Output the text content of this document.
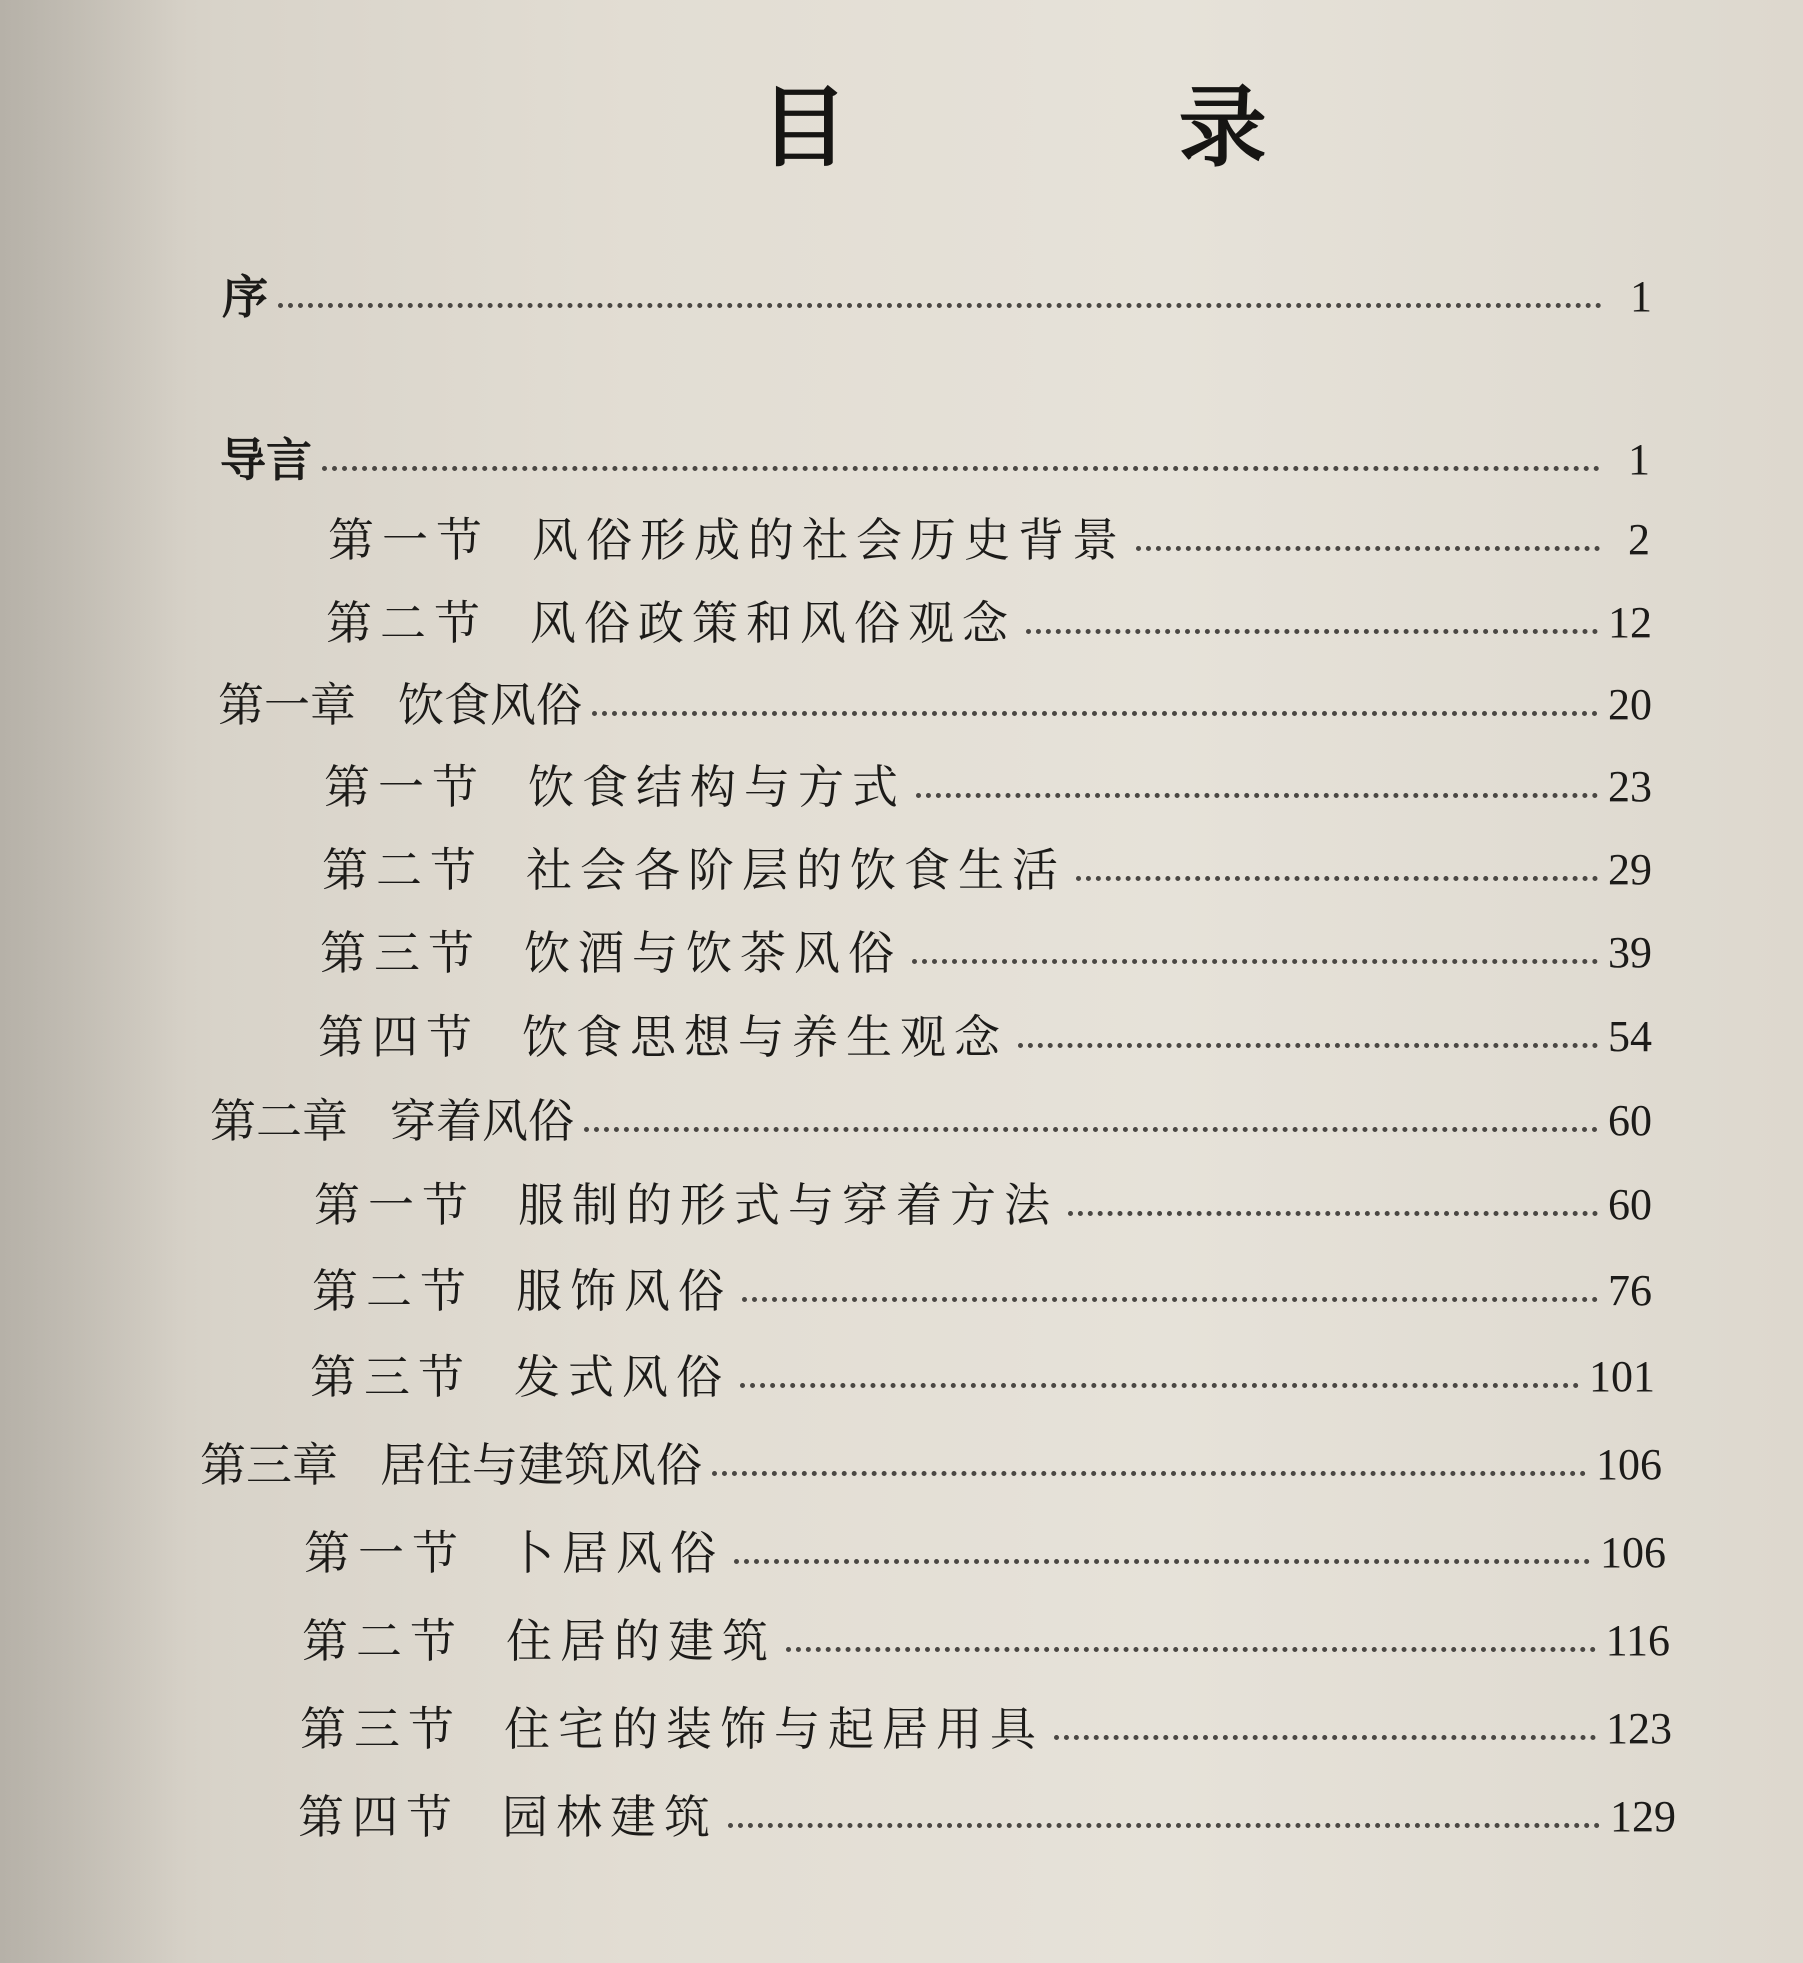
目 录
序	1
导言	1
第一节 风俗形成的社会历史背景	2
第二节 风俗政策和风俗观念	12
第一章 饮食风俗	20
第一节 饮食结构与方式	23
第二节 社会各阶层的饮食生活	29
第三节 饮酒与饮茶风俗	39
第四节 饮食思想与养生观念	54
第二章 穿着风俗	60
第一节 服制的形式与穿着方法	60
第二节 服饰风俗	76
第三节 发式风俗	101
第三章 居住与建筑风俗	106
第一节 卜居风俗	106
第二节 住居的建筑	116
第三节 住宅的装饰与起居用具	123
第四节 园林建筑	129
